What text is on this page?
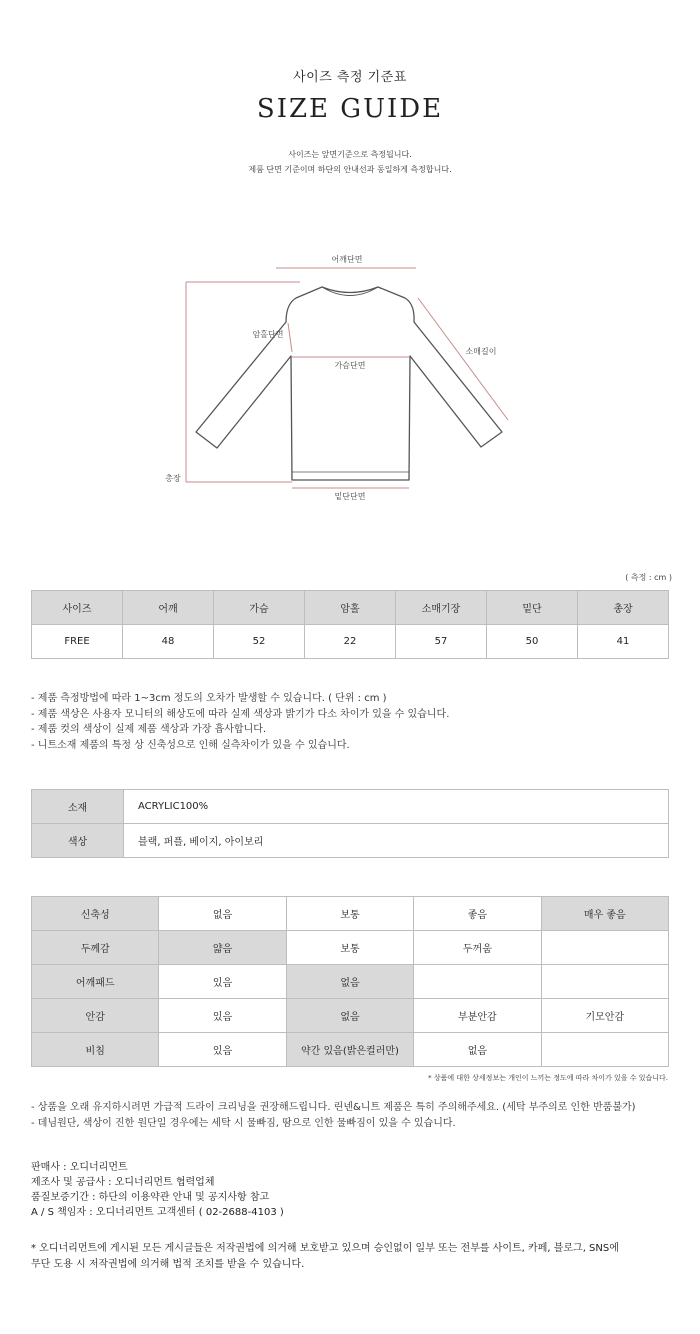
사이즈 측정 기준표
SIZE GUIDE
사이즈는 앞면기준으로 측정됩니다.
제품 단면 기준이며 하단의 안내선과 동일하게 측정합니다.
어깨단면
암홀단면
가슴단면
소매길이
총장
밑단단면
( 측정 : cm )
사이즈	어깨	가슴	암홀	소매기장	밑단	총장
FREE	48	52	22	57	50	41
- 제품 측정방법에 따라 1~3cm 정도의 오차가 발생할 수 있습니다. ( 단위 : cm )
- 제품 색상은 사용자 모니터의 해상도에 따라 실제 색상과 밝기가 다소 차이가 있을 수 있습니다.
- 제품 컷의 색상이 실제 제품 색상과 가장 흡사합니다.
- 니트소재 제품의 특정 상 신축성으로 인해 실측차이가 있을 수 있습니다.
소재	ACRYLIC100%
색상	블랙, 퍼플, 베이지, 아이보리
신축성	없음	보통	좋음	매우 좋음
두께감	얇음	보통	두꺼움	
어깨패드	있음	없음		
안감	있음	없음	부분안감	기모안감
비침	있음	약간 있음(밝은컬러만)	없음	
* 상품에 대한 상세정보는 개인이 느끼는 정도에 따라 차이가 있을 수 있습니다.
- 상품을 오래 유지하시려면 가급적 드라이 크리닝을 권장해드립니다. 린넨&니트 제품은 특히 주의해주세요. (세탁 부주의로 인한 반품불가)
- 데님원단, 색상이 진한 원단일 경우에는 세탁 시 물빠짐, 땀으로 인한 물빠짐이 있을 수 있습니다.
판매사 : 오디너리먼트
제조사 및 공급사 : 오디너리먼트 협력업체
품질보증기간 : 하단의 이용약관 안내 및 공지사항 참고
A / S 책임자 : 오디너리먼트 고객센터 ( 02-2688-4103 )
* 오디너리먼트에 게시된 모든 게시글들은 저작권법에 의거해 보호받고 있으며 승인없이 일부 또는 전부를 사이트, 카페, 블로그, SNS에
무단 도용 시 저작권법에 의거해 법적 조치를 받을 수 있습니다.
